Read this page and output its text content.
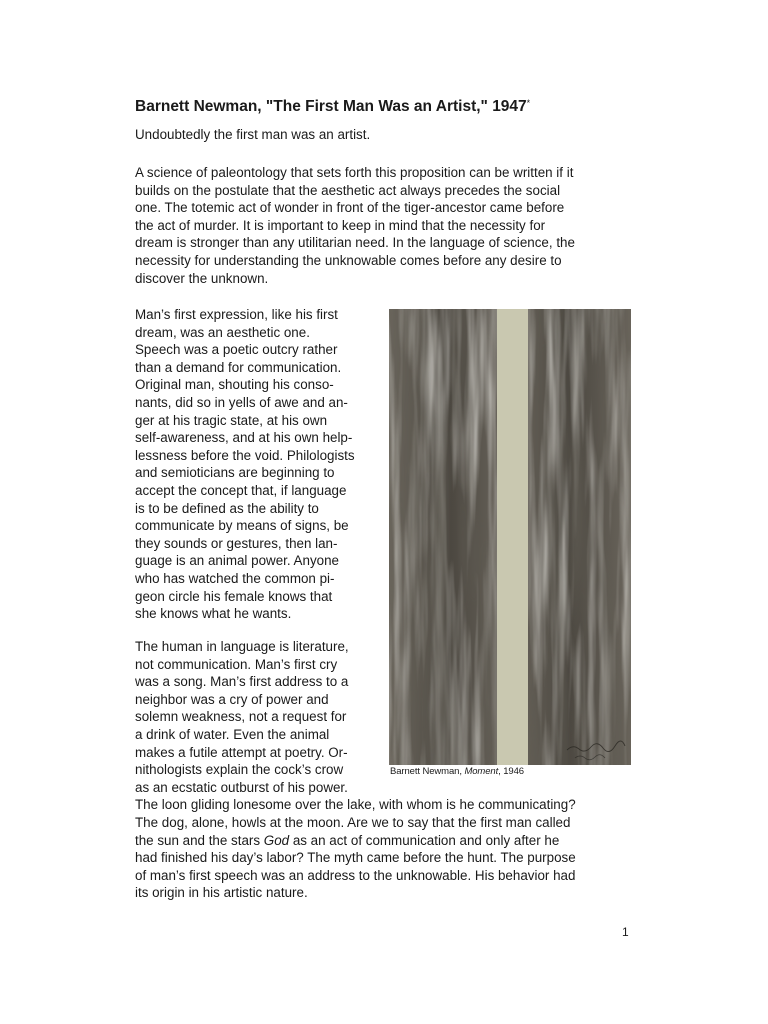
Barnett Newman, "The First Man Was an Artist," 1947*

Undoubtedly the first man was an artist.

A science of paleontology that sets forth this proposition can be written if it
builds on the postulate that the aesthetic act always precedes the social
one. The totemic act of wonder in front of the tiger-ancestor came before
the act of murder. It is important to keep in mind that the necessity for
dream is stronger than any utilitarian need. In the language of science, the
necessity for understanding the unknowable comes before any desire to
discover the unknown.

Man’s first expression, like his first
dream, was an aesthetic one.
Speech was a poetic outcry rather
than a demand for communication.
Original man, shouting his conso-
nants, did so in yells of awe and an-
ger at his tragic state, at his own
self-awareness, and at his own help-
lessness before the void. Philologists
and semioticians are beginning to
accept the concept that, if language
is to be defined as the ability to
communicate by means of signs, be
they sounds or gestures, then lan-
guage is an animal power. Anyone
who has watched the common pi-
geon circle his female knows that
she knows what he wants.

The human in language is literature,
not communication. Man’s first cry
was a song. Man’s first address to a
neighbor was a cry of power and
solemn weakness, not a request for
a drink of water. Even the animal
makes a futile attempt at poetry. Or-
nithologists explain the cock’s crow
as an ecstatic outburst of his power.
The loon gliding lonesome over the lake, with whom is he communicating?
The dog, alone, howls at the moon. Are we to say that the first man called
the sun and the stars God as an act of communication and only after he
had finished his day’s labor? The myth came before the hunt. The purpose
of man’s first speech was an address to the unknowable. His behavior had
its origin in his artistic nature.

Barnett Newman, Moment, 1946
1
